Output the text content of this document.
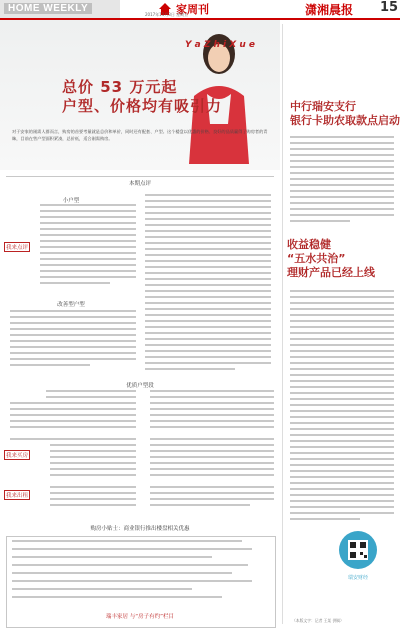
HOME WEEKLY	家周刊
2017年11月3日 星期五	潇湘晨报 15
Y a Z h i X u e
总价 53 万元起
户型、价格均有吸引力
对于安家的刚需人群而言，购房的首要考量就是总价和单价，同时还有配套、户型。这个楼盘以优惠的价格、良好的品质赢得了购房者的青睐，目前在售户型面积紧凑，总价低，适合刚需购房。
本期点评
小户型
改善型户型
优质户型段
购房小贴士：商业银行推出楼盘相关优惠
我来点评
我来买房
我来出租
瑞丰家居 与“房子有约”栏目
中行瑞安支行
银行卡助农取款点启动
收益稳健
“五水共治”
理财产品已经上线
瑞安财经
（本版文字：记者 王某 供稿）
